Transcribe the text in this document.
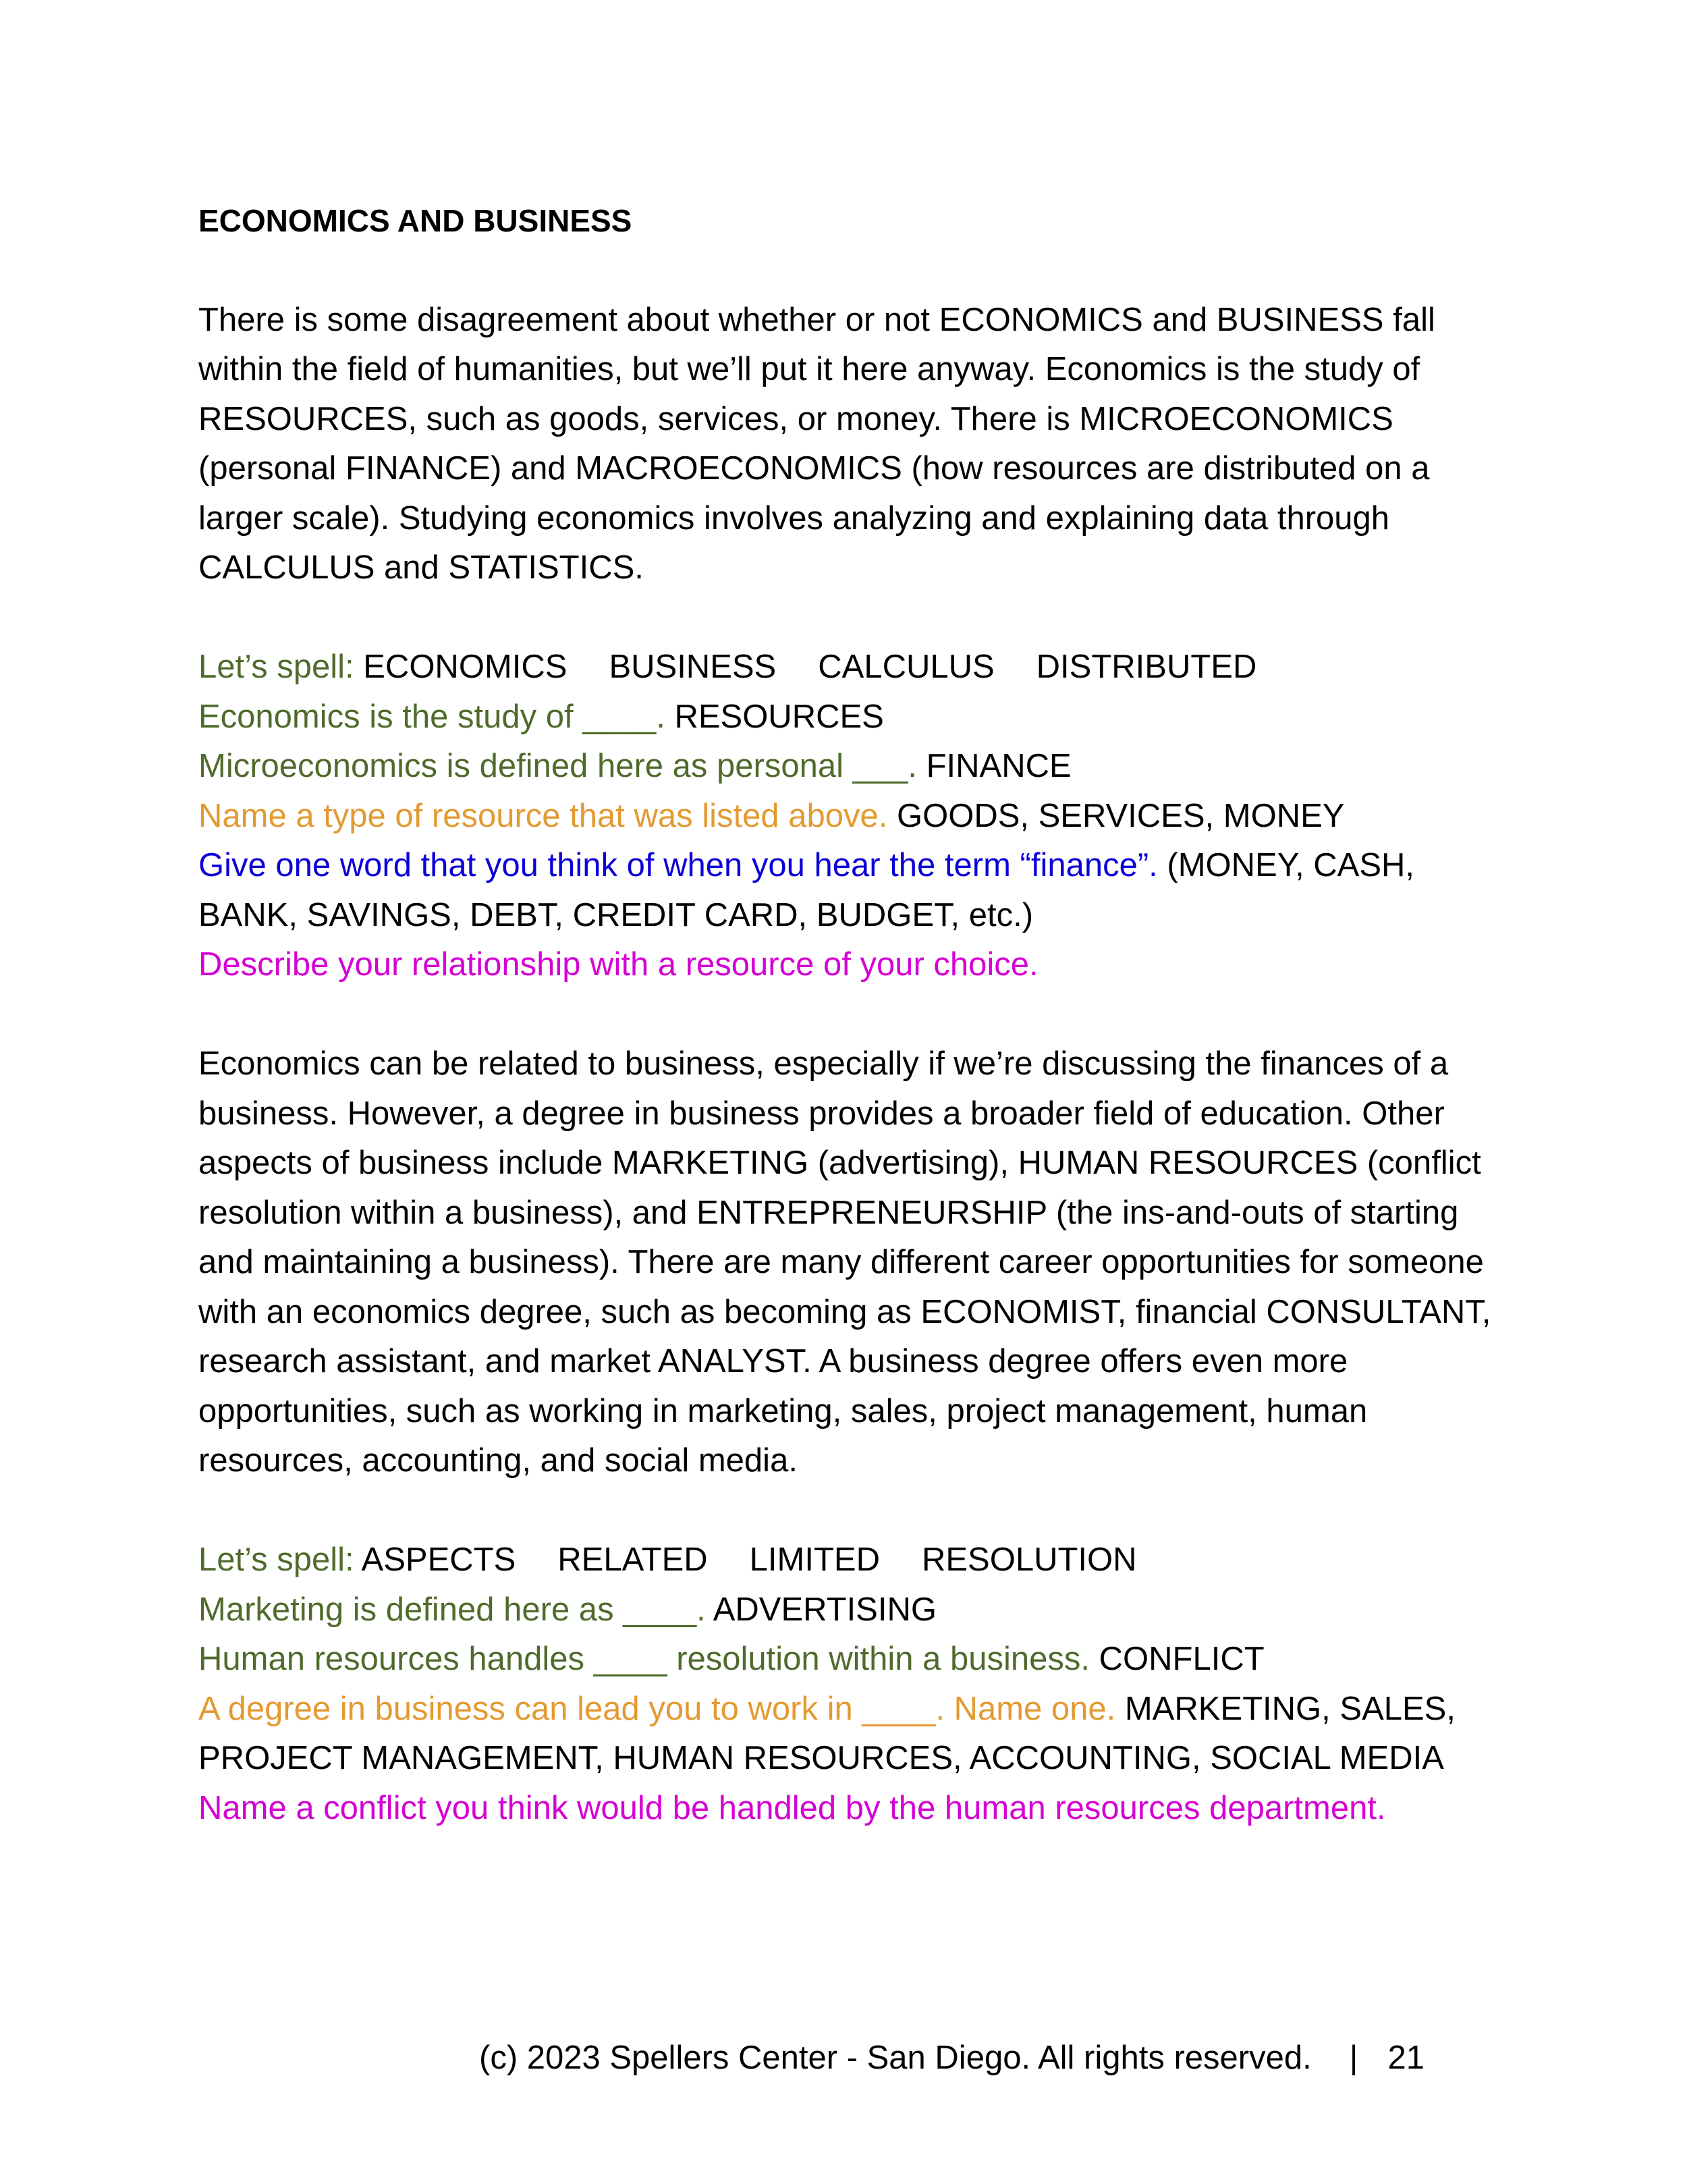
ECONOMICS AND BUSINESS

There is some disagreement about whether or not ECONOMICS and BUSINESS fall within the field of humanities, but we’ll put it here anyway. Economics is the study of RESOURCES, such as goods, services, or money. There is MICROECONOMICS (personal FINANCE) and MACROECONOMICS (how resources are distributed on a larger scale). Studying economics involves analyzing and explaining data through CALCULUS and STATISTICS.

Let’s spell: ECONOMICS BUSINESS CALCULUS DISTRIBUTED

Economics is the study of ____. RESOURCES

Microeconomics is defined here as personal ___. FINANCE

Name a type of resource that was listed above. GOODS, SERVICES, MONEY

Give one word that you think of when you hear the term “finance”. (MONEY, CASH, BANK, SAVINGS, DEBT, CREDIT CARD, BUDGET, etc.)

Describe your relationship with a resource of your choice.

Economics can be related to business, especially if we’re discussing the finances of a business. However, a degree in business provides a broader field of education. Other aspects of business include MARKETING (advertising), HUMAN RESOURCES (conflict resolution within a business), and ENTREPRENEURSHIP (the ins-and-outs of starting and maintaining a business). There are many different career opportunities for someone with an economics degree, such as becoming as ECONOMIST, financial CONSULTANT, research assistant, and market ANALYST. A business degree offers even more opportunities, such as working in marketing, sales, project management, human resources, accounting, and social media.

Let’s spell: ASPECTS RELATED LIMITED RESOLUTION

Marketing is defined here as ____. ADVERTISING

Human resources handles ____ resolution within a business. CONFLICT

A degree in business can lead you to work in ____. Name one. MARKETING, SALES, PROJECT MANAGEMENT, HUMAN RESOURCES, ACCOUNTING, SOCIAL MEDIA

Name a conflict you think would be handled by the human resources department.

(c) 2023 Spellers Center - San Diego. All rights reserved. | 21
